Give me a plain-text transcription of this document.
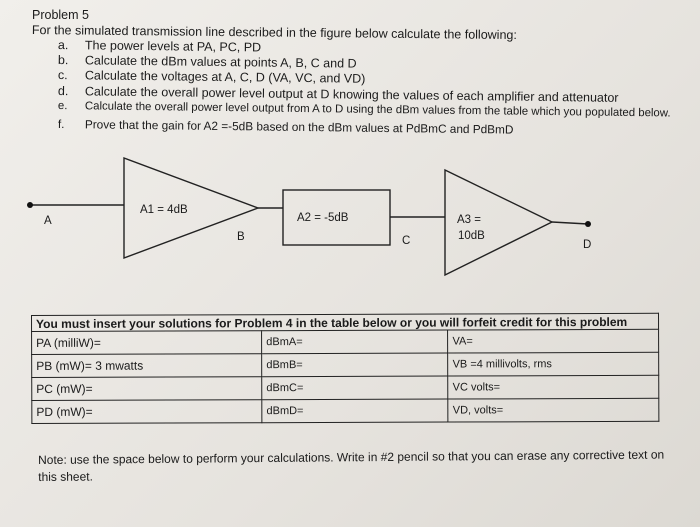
Problem 5
For the simulated transmission line described in the figure below calculate the following:
a. The power levels at PA, PC, PD
b. Calculate the dBm values at points A, B, C and D
c. Calculate the voltages at A, C, D (VA, VC, and VD)
d. Calculate the overall power level output at D knowing the values of each amplifier and attenuator
e. Calculate the overall power level output from A to D using the dBm values from the table which you populated below.
f. Prove that the gain for A2 =-5dB based on the dBm values at PdBmC and PdBmD
A1 = 4dB
A2 = -5dB	A3 =
10dB
A
B	C	D
You must insert your solutions for Problem 4 in the table below or you will forfeit credit for this problem		
PA (milliW)=	dBmA=	VA=
PB (mW)= 3 mwatts	dBmB=	VB =4 millivolts, rms
PC (mW)=	dBmC=	VC volts=
PD (mW)=	dBmD=	VD, volts=
Note: use the space below to perform your calculations. Write in #2 pencil so that you can erase any corrective text on this sheet.
